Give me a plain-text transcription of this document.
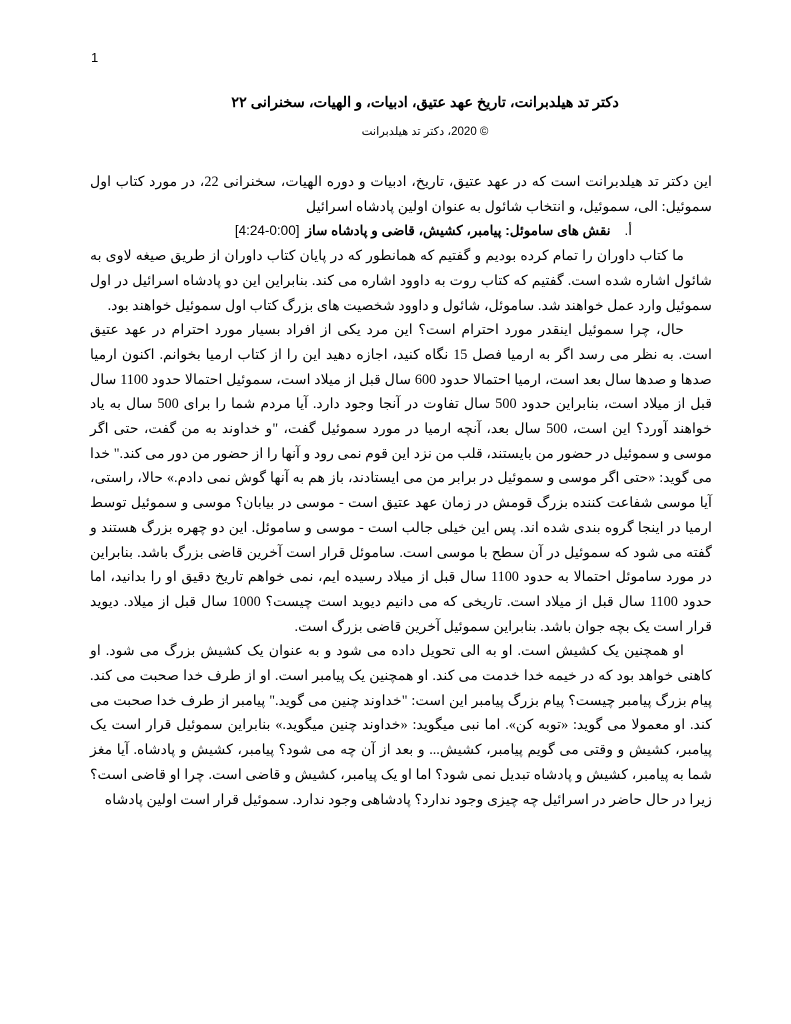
1
دکتر تد هیلدبرانت، تاریخ عهد عتیق، ادبیات، و الهیات، سخنرانی ۲۲
© 2020، دکتر تد هیلدبرانت

این دکتر تد هیلدبرانت است که در عهد عتیق، تاریخ، ادبیات و دوره الهیات، سخنرانی 22، در مورد کتاب اول سموئیل: الی، سموئیل، و انتخاب شائول به عنوان اولین پادشاه اسرائیل

أ.
نقش های ساموئل: پیامبر، کشیش، قاضی و پادشاه ساز
[4:24-0:00]

ما کتاب داوران را تمام کرده بودیم و گفتیم که همانطور که در پایان کتاب داوران از طریق صیغه لاوی به شائول اشاره شده است. گفتیم که کتاب روت به داوود اشاره می کند. بنابراین این دو پادشاه اسرائیل در اول سموئیل وارد عمل خواهند شد. ساموئل، شائول و داوود شخصیت های بزرگ کتاب اول سموئیل خواهند بود.

حال، چرا سموئیل اینقدر مورد احترام است؟ این مرد یکی از افراد بسیار مورد احترام در عهد عتیق است. به نظر می رسد اگر به ارمیا فصل 15 نگاه کنید، اجازه دهید این را از کتاب ارمیا بخوانم. اکنون ارمیا صدها و صدها سال بعد است، ارمیا احتمالا حدود 600 سال قبل از میلاد است، سموئیل احتمالا حدود 1100 سال قبل از میلاد است، بنابراین حدود 500 سال تفاوت در آنجا وجود دارد. آیا مردم شما را برای 500 سال به یاد خواهند آورد؟ این است، 500 سال بعد، آنچه ارمیا در مورد سموئیل گفت، "و خداوند به من گفت، حتی اگر موسی و سموئیل در حضور من بایستند، قلب من نزد این قوم نمی رود و آنها را از حضور من دور می کند." خدا می گوید: «حتی اگر موسی و سموئیل در برابر من می ایستادند، باز هم به آنها گوش نمی دادم.» حالا، راستی، آیا موسی شفاعت کننده بزرگ قومش در زمان عهد عتیق است - موسی در بیابان؟ موسی و سموئیل توسط ارمیا در اینجا گروه بندی شده اند. پس این خیلی جالب است - موسی و ساموئل. این دو چهره بزرگ هستند و گفته می شود که سموئیل در آن سطح با موسی است. ساموئل قرار است آخرین قاضی بزرگ باشد. بنابراین در مورد ساموئل احتمالا به حدود 1100 سال قبل از میلاد رسیده ایم، نمی خواهم تاریخ دقیق او را بدانید، اما حدود 1100 سال قبل از میلاد است. تاریخی که می دانیم دیوید است چیست؟ 1000 سال قبل از میلاد. دیوید قرار است یک بچه جوان باشد. بنابراین سموئیل آخرین قاضی بزرگ است.

او همچنین یک کشیش است. او به الی تحویل داده می شود و به عنوان یک کشیش بزرگ می شود. او کاهنی خواهد بود که در خیمه خدا خدمت می کند. او همچنین یک پیامبر است. او از طرف خدا صحبت می کند. پیام بزرگ پیامبر چیست؟ پیام بزرگ پیامبر این است: "خداوند چنین می گوید." پیامبر از طرف خدا صحبت می کند. او معمولا می گوید: «توبه کن». اما نبی میگوید: «خداوند چنین میگوید.» بنابراین سموئیل قرار است یک پیامبر، کشیش و وقتی می گویم پیامبر، کشیش... و بعد از آن چه می شود؟ پیامبر، کشیش و پادشاه. آیا مغز شما به پیامبر، کشیش و پادشاه تبدیل نمی شود؟ اما او یک پیامبر، کشیش و قاضی است. چرا او قاضی است؟ زیرا در حال حاضر در اسرائیل چه چیزی وجود ندارد؟ پادشاهی وجود ندارد. سموئیل قرار است اولین پادشاه
